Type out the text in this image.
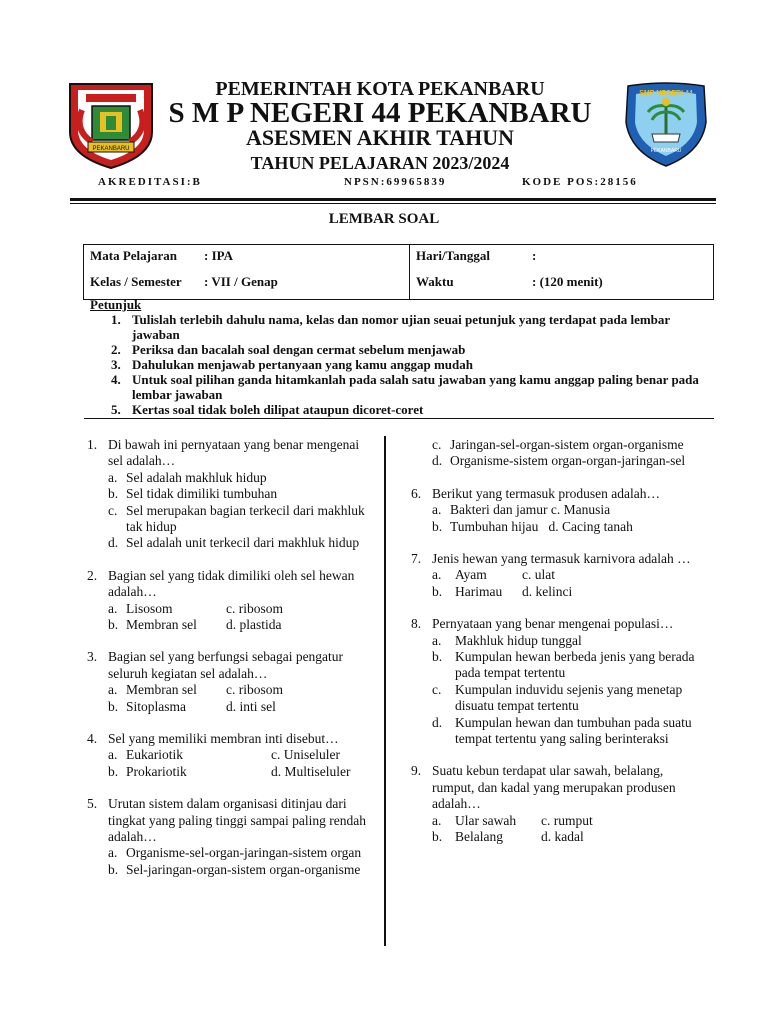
PEKANBARU
SMP NEGERI 44
PEKANBARU
PEMERINTAH KOTA PEKANBARU
S M P NEGERI 44 PEKANBARU
ASESMEN AKHIR TAHUN
TAHUN PELAJARAN 2023/2024
AKREDITASI:B	NPSN:69965839	KODE POS:28156
LEMBAR SOAL
Mata Pelajaran : IPA
Kelas / Semester : VII / Genap

Hari/Tanggal	:
Waktu	: (120 menit)
Petunjuk
1. Tulislah terlebih dahulu nama, kelas dan nomor ujian seuai petunjuk yang terdapat pada lembar jawaban
2. Periksa dan bacalah soal dengan cermat sebelum menjawab
3. Dahulukan menjawab pertanyaan yang kamu anggap mudah
4. Untuk soal pilihan ganda hitamkanlah pada salah satu jawaban yang kamu anggap paling benar pada lembar jawaban
5. Kertas soal tidak boleh dilipat ataupun dicoret-coret
1. Di bawah ini pernyataan yang benar mengenai sel adalah…
a. Sel adalah makhluk hidup
b. Sel tidak dimiliki tumbuhan
c. Sel merupakan bagian terkecil dari makhluk tak hidup
d. Sel adalah unit terkecil dari makhluk hidup
2. Bagian sel yang tidak dimiliki oleh sel hewan adalah…
a. Lisosom	c. ribosom
b. Membran sel d. plastida
3. Bagian sel yang berfungsi sebagai pengatur seluruh kegiatan sel adalah…
a. Membran sel c. ribosom
b. Sitoplasma	d. inti sel
4. Sel yang memiliki membran inti disebut…
a. Eukariotik	c. Uniseluler
b. Prokariotik	d. Multiseluler
5. Urutan sistem dalam organisasi ditinjau dari tingkat yang paling tinggi sampai paling rendah adalah…
a. Organisme-sel-organ-jaringan-sistem organ
b. Sel-jaringan-organ-sistem organ-organisme
c. Jaringan-sel-organ-sistem organ-organisme
d. Organisme-sistem organ-organ-jaringan-sel
6. Berikut yang termasuk produsen adalah…
a. Bakteri dan jamur c. Manusia
b. Tumbuhan hijau   d. Cacing tanah
7. Jenis hewan yang termasuk karnivora adalah …
a. Ayam	c. ulat
b. Harimau d. kelinci
8. Pernyataan yang benar mengenai populasi…
a. Makhluk hidup tunggal
b. Kumpulan hewan berbeda jenis yang berada pada tempat tertentu
c. Kumpulan induvidu sejenis yang menetap disuatu tempat tertentu
d. Kumpulan hewan dan tumbuhan pada suatu tempat tertentu yang saling berinteraksi
9. Suatu kebun terdapat ular sawah, belalang, rumput, dan kadal yang merupakan produsen adalah…
a. Ular sawah c. rumput
b. Belalang	d. kadal
